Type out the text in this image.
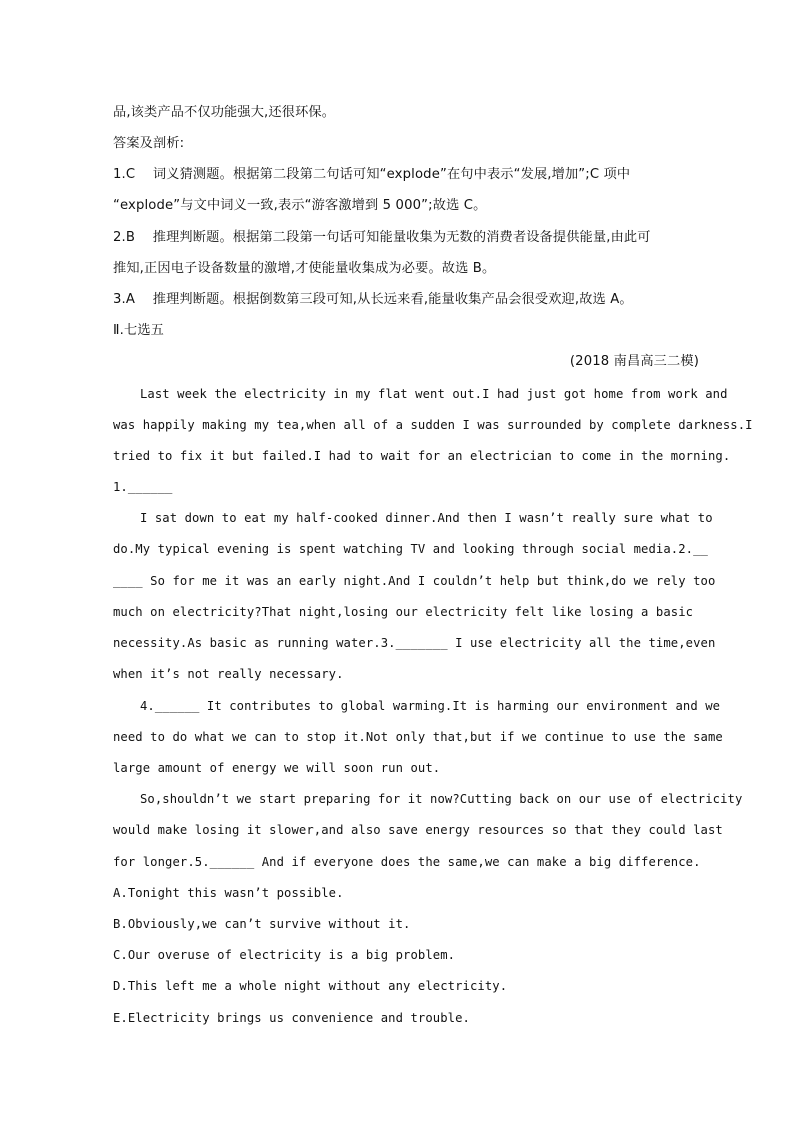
品,该类产品不仅功能强大,还很环保。
答案及剖析:
1.C　 词义猜测题。根据第二段第二句话可知“explode”在句中表示“发展,增加”;C 项中
“explode”与文中词义一致,表示“游客激增到 5 000”;故选 C。
2.B　 推理判断题。根据第二段第一句话可知能量收集为无数的消费者设备提供能量,由此可
推知,正因电子设备数量的激增,才使能量收集成为必要。故选 B。
3.A　 推理判断题。根据倒数第三段可知,从长远来看,能量收集产品会很受欢迎,故选 A。
Ⅱ.七选五
(2018 南昌高三二模)
Last week the electricity in my flat went out.I had just got home from work and
was happily making my tea,when all of a sudden I was surrounded by complete darkness.I
tried to fix it but failed.I had to wait for an electrician to come in the morning.
1.______
I sat down to eat my half-cooked dinner.And then I wasn’t really sure what to
do.My typical evening is spent watching TV and looking through social media.2.__
____ So for me it was an early night.And I couldn’t help but think,do we rely too
much on electricity?That night,losing our electricity felt like losing a basic
necessity.As basic as running water.3._______ I use electricity all the time,even
when it’s not really necessary.
4.______ It contributes to global warming.It is harming our environment and we
need to do what we can to stop it.Not only that,but if we continue to use the same
large amount of energy we will soon run out.
So,shouldn’t we start preparing for it now?Cutting back on our use of electricity
would make losing it slower,and also save energy resources so that they could last
for longer.5.______ And if everyone does the same,we can make a big difference.
A.Tonight this wasn’t possible.
B.Obviously,we can’t survive without it.
C.Our overuse of electricity is a big problem.
D.This left me a whole night without any electricity.
E.Electricity brings us convenience and trouble.
